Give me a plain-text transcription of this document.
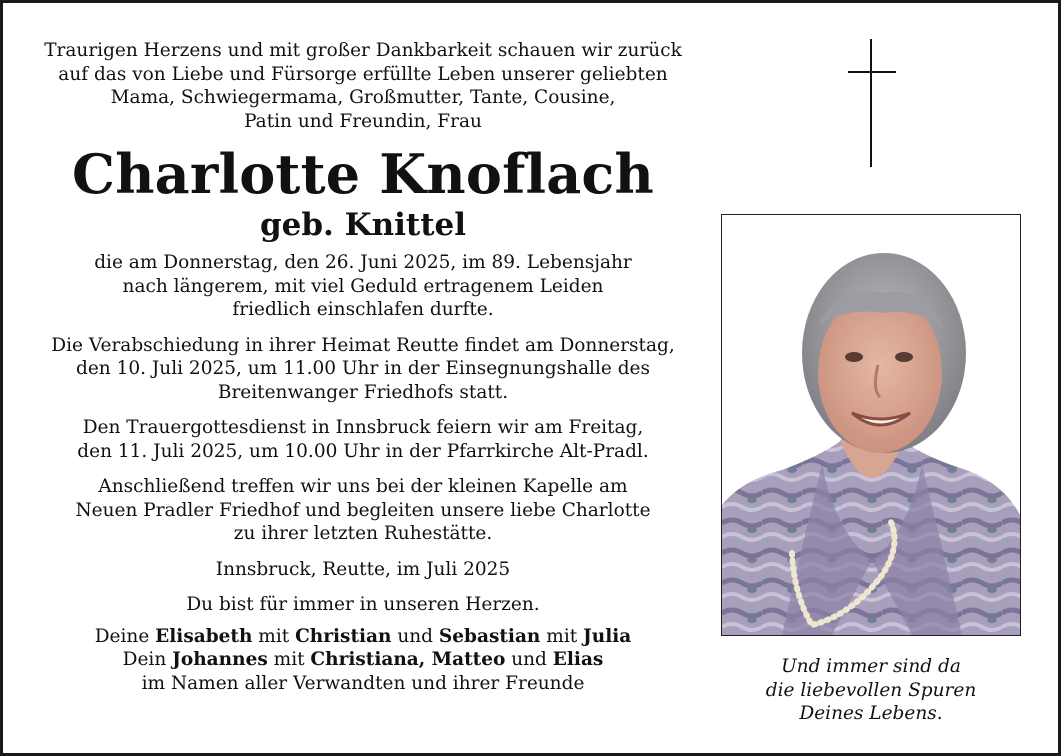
Traurigen Herzens und mit großer Dankbarkeit schauen wir zurück

auf das von Liebe und Fürsorge erfüllte Leben unserer geliebten

Mama, Schwiegermama, Großmutter, Tante, Cousine,

Patin und Freundin, Frau

Charlotte Knoflach
geb. Knittel

die am Donnerstag, den 26. Juni 2025, im 89. Lebensjahr

nach längerem, mit viel Geduld ertragenem Leiden

friedlich einschlafen durfte.

Die Verabschiedung in ihrer Heimat Reutte findet am Donnerstag,

den 10. Juli 2025, um 11.00 Uhr in der Einsegnungshalle des

Breitenwanger Friedhofs statt.

Den Trauergottesdienst in Innsbruck feiern wir am Freitag,

den 11. Juli 2025, um 10.00 Uhr in der Pfarrkirche Alt-Pradl.

Anschließend treffen wir uns bei der kleinen Kapelle am

Neuen Pradler Friedhof und begleiten unsere liebe Charlotte

zu ihrer letzten Ruhestätte.

Innsbruck, Reutte, im Juli 2025

Du bist für immer in unseren Herzen.

Deine Elisabeth mit Christian und Sebastian mit Julia

Dein Johannes mit Christiana, Matteo und Elias

im Namen aller Verwandten und ihrer Freunde

Und immer sind da
die liebevollen Spuren
Deines Lebens.
